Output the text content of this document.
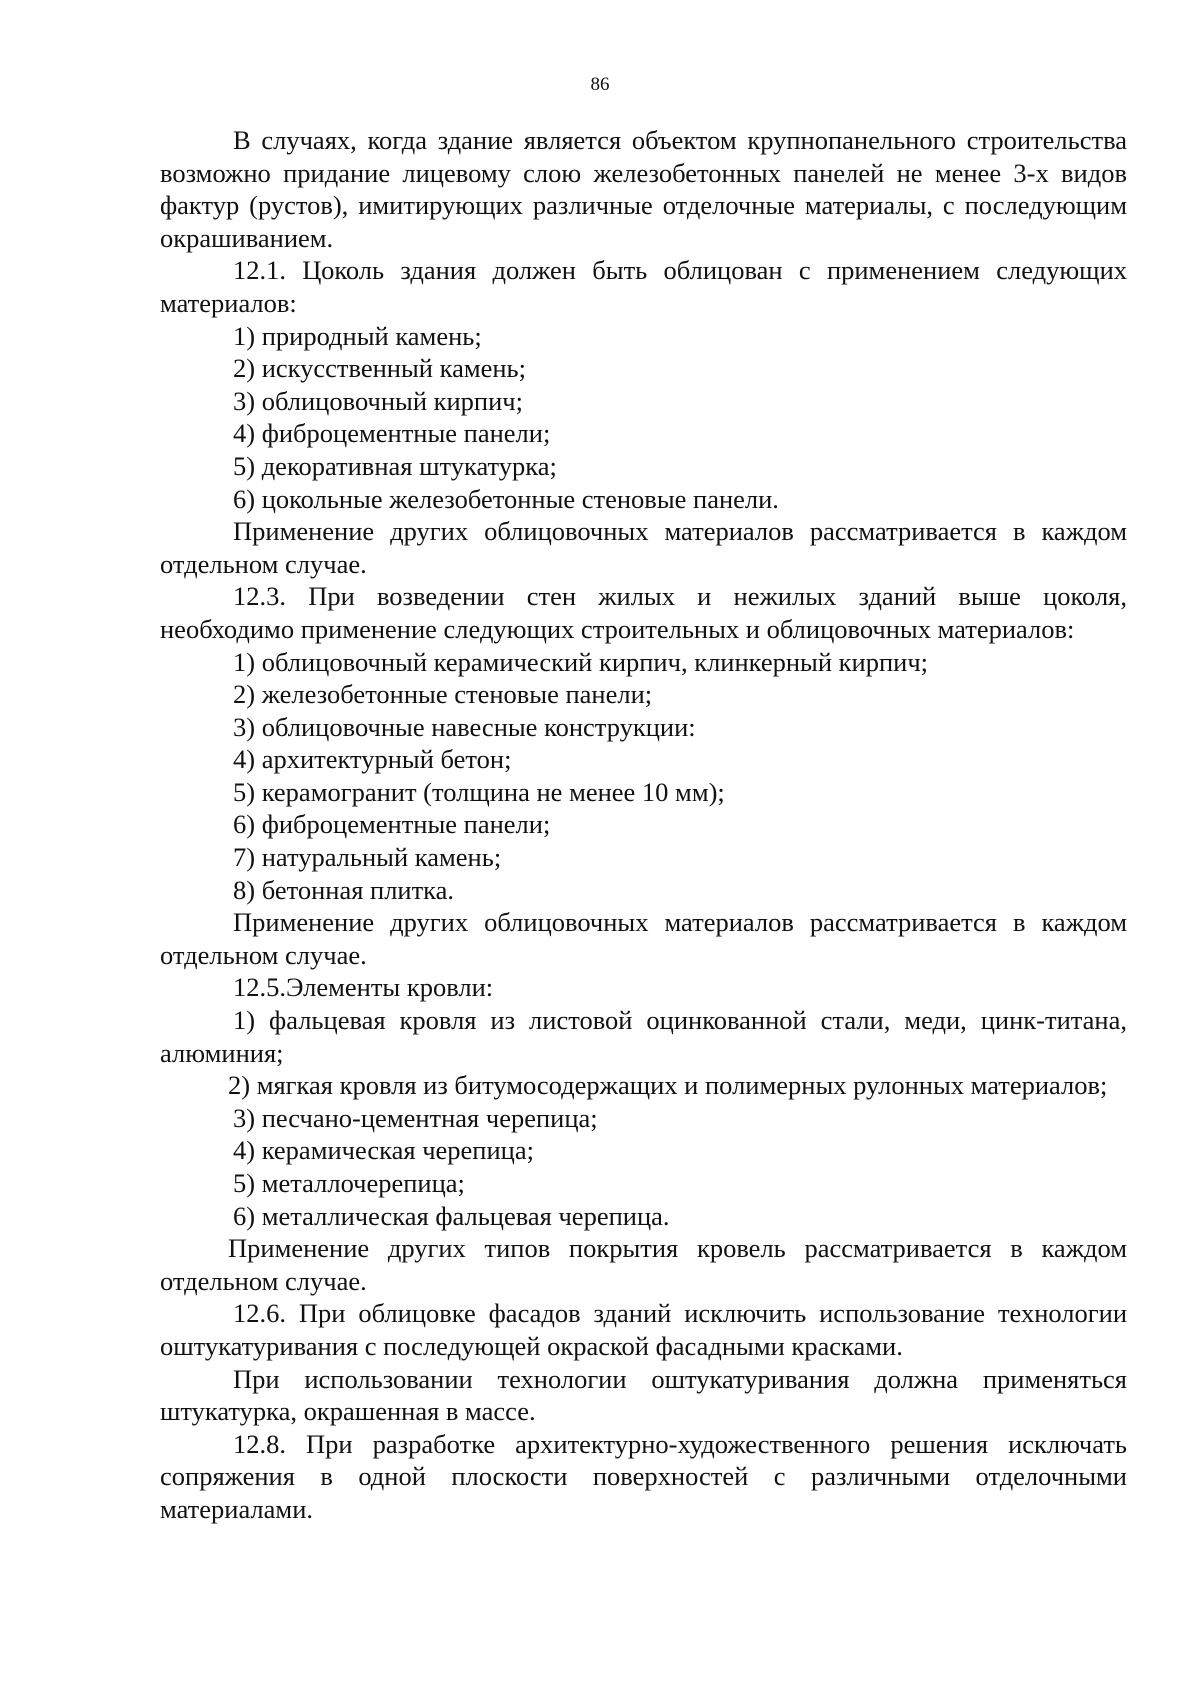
86

В случаях, когда здание является объектом крупнопанельного строительства возможно придание лицевому слою железобетонных панелей не менее 3-х видов фактур (рустов), имитирующих различные отделочные материалы, с последующим окрашиванием.

12.1. Цоколь здания должен быть облицован с применением следующих материалов:

1) природный камень;

2) искусственный камень;

3) облицовочный кирпич;

4) фиброцементные панели;

5) декоративная штукатурка;

6) цокольные железобетонные стеновые панели.

Применение других облицовочных материалов рассматривается в каждом отдельном случае.

12.3. При возведении стен жилых и нежилых зданий выше цоколя, необходимо применение следующих строительных и облицовочных материалов:

1) облицовочный керамический кирпич, клинкерный кирпич;

2) железобетонные стеновые панели;

3) облицовочные навесные конструкции:

4) архитектурный бетон;

5) керамогранит (толщина не менее 10 мм);

6) фиброцементные панели;

7) натуральный камень;

8) бетонная плитка.

Применение других облицовочных материалов рассматривается в каждом отдельном случае.

12.5.Элементы кровли:

1) фальцевая кровля из листовой оцинкованной стали, меди, цинк-титана, алюминия;

2) мягкая кровля из битумосодержащих и полимерных рулонных материалов;

3) песчано-цементная черепица;

4) керамическая черепица;

5) металлочерепица;

6) металлическая фальцевая черепица.

Применение других типов покрытия кровель рассматривается в каждом отдельном случае.

12.6. При облицовке фасадов зданий исключить использование технологии оштукатуривания с последующей окраской фасадными красками.

При использовании технологии оштукатуривания должна применяться штукатурка, окрашенная в массе.

12.8. При разработке архитектурно-художественного решения исключать сопряжения в одной плоскости поверхностей с различными отделочными материалами.
